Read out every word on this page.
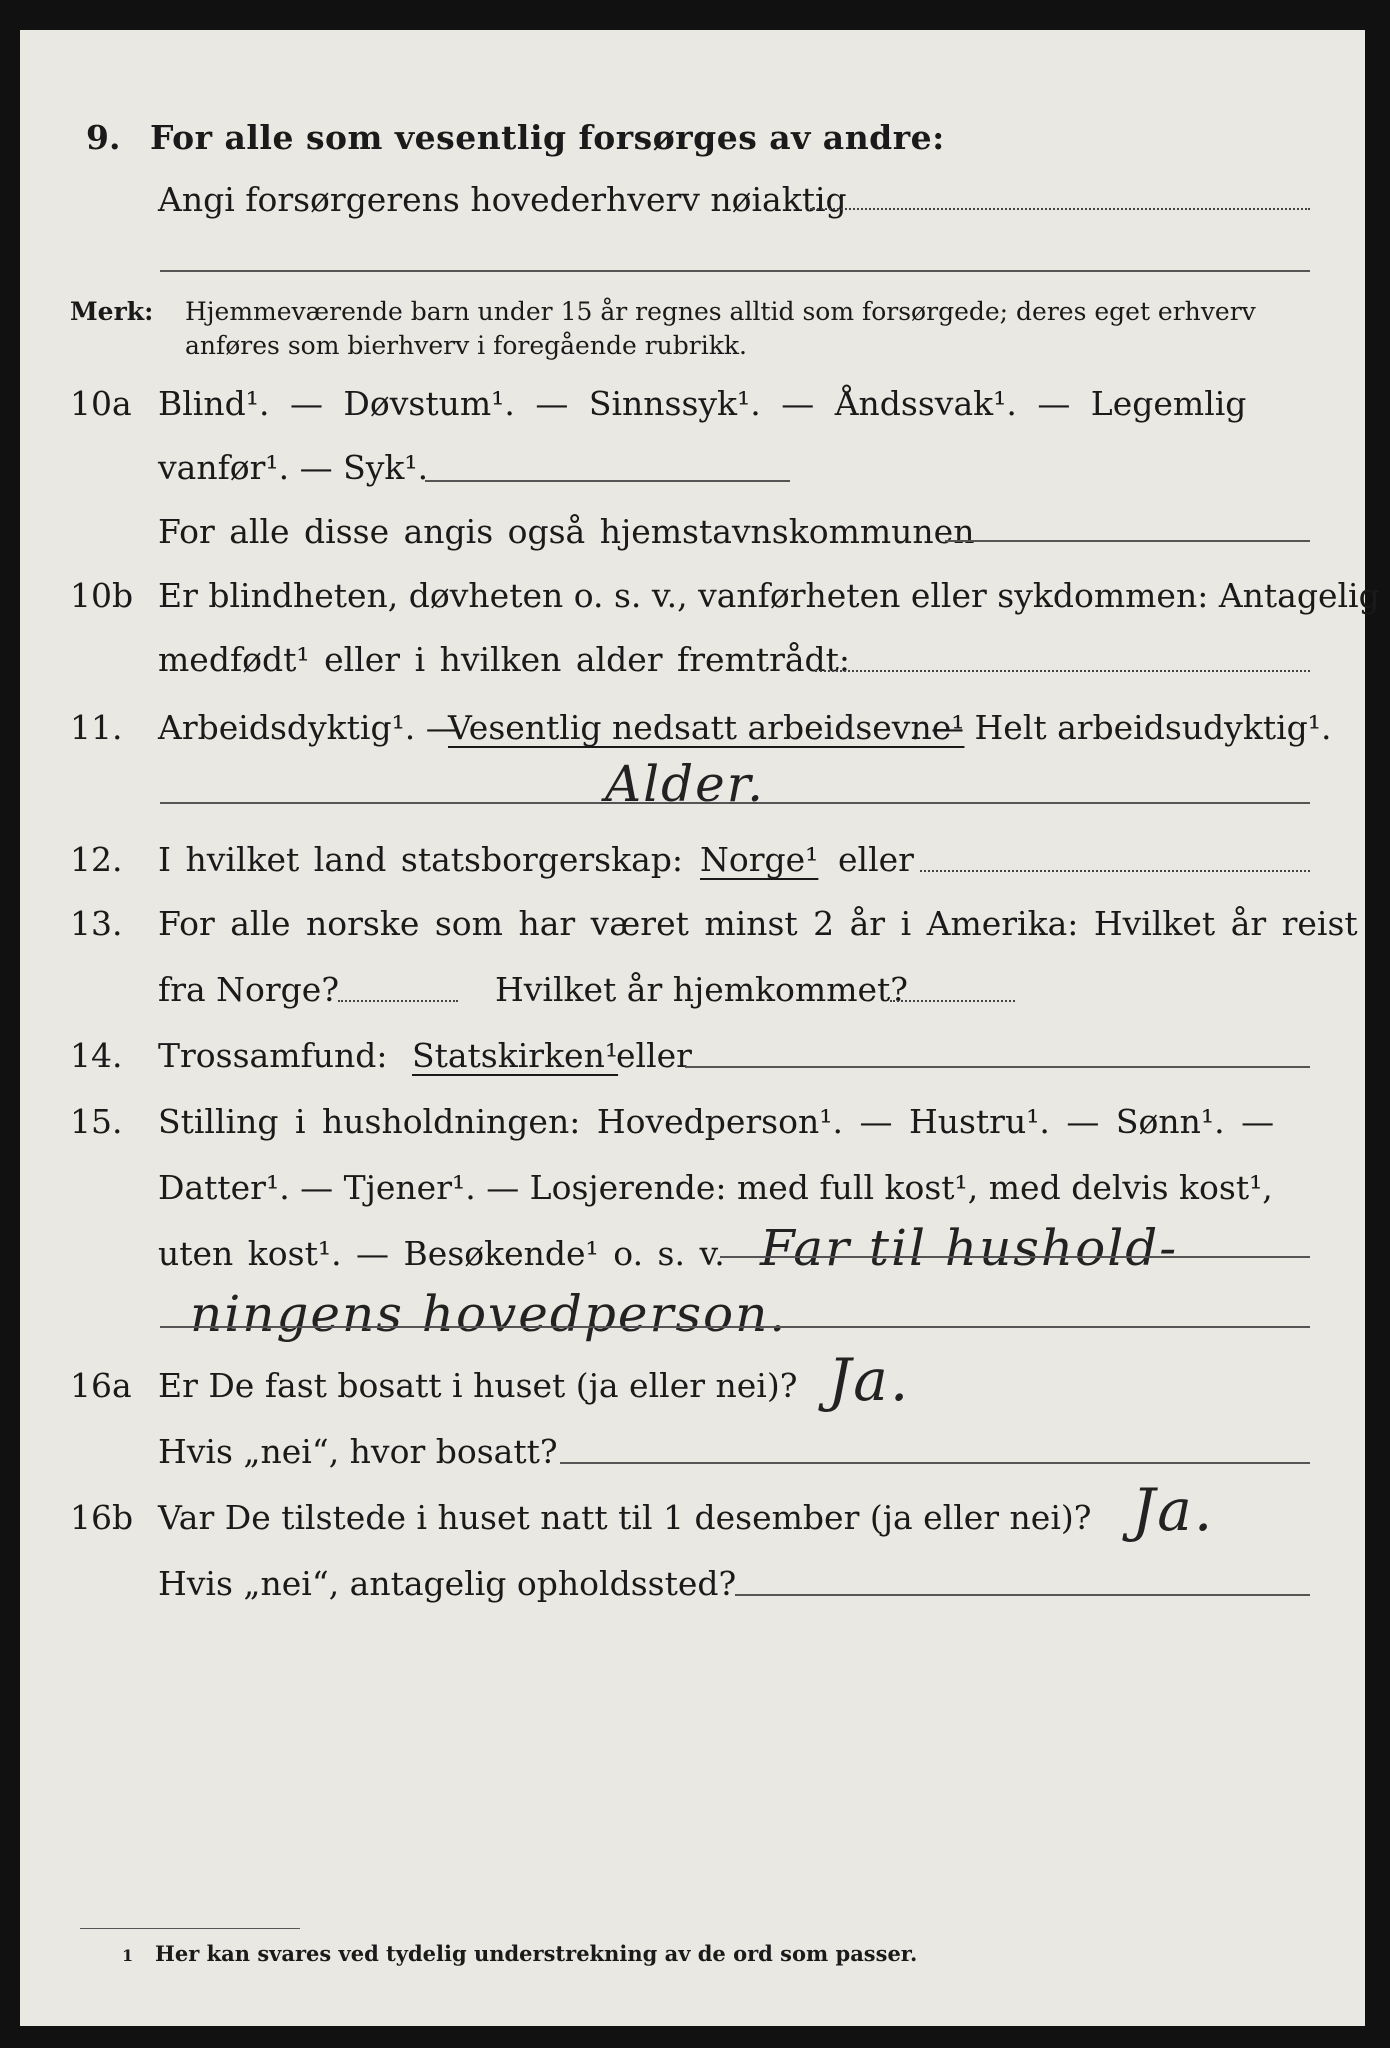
9. For alle som vesentlig forsørges av andre:
Angi forsørgerens hovederhverv nøiaktig
Merk: Hjemmeværende barn under 15 år regnes alltid som forsørgede; deres eget erhverv
anføres som bierhverv i foregående rubrikk.
10a Blind¹. — Døvstum¹. — Sinnssyk¹. — Åndssvak¹. — Legemlig
vanfør¹. — Syk¹.
For alle disse angis også hjemstavnskommunen
10b Er blindheten, døvheten o. s. v., vanførheten eller sykdommen: Antagelig
medfødt¹ eller i hvilken alder fremtrådt:
11. Arbeidsdyktig¹. —
Vesentlig nedsatt arbeidsevne¹
. — Helt arbeidsudyktig¹.
Alder.
12. I hvilket land statsborgerskap: Norge¹ eller
13. For alle norske som har været minst 2 år i Amerika: Hvilket år reist
fra Norge?	Hvilket år hjemkommet?
14. Trossamfund: Statskirken¹
eller
15. Stilling i husholdningen: Hovedperson¹. — Hustru¹. — Sønn¹. —
Datter¹. — Tjener¹. — Losjerende: med full kost¹, med delvis kost¹,
uten kost¹. — Besøkende¹ o. s. v. Far til hushold-
ningens hovedperson.
16a Er De fast bosatt i huset (ja eller nei)? Ja.
Hvis „nei“, hvor bosatt?
16b Var De tilstede i huset natt til 1 desember (ja eller nei)? Ja.
Hvis „nei“, antagelig opholdssted?
1 Her kan svares ved tydelig understrekning av de ord som passer.
